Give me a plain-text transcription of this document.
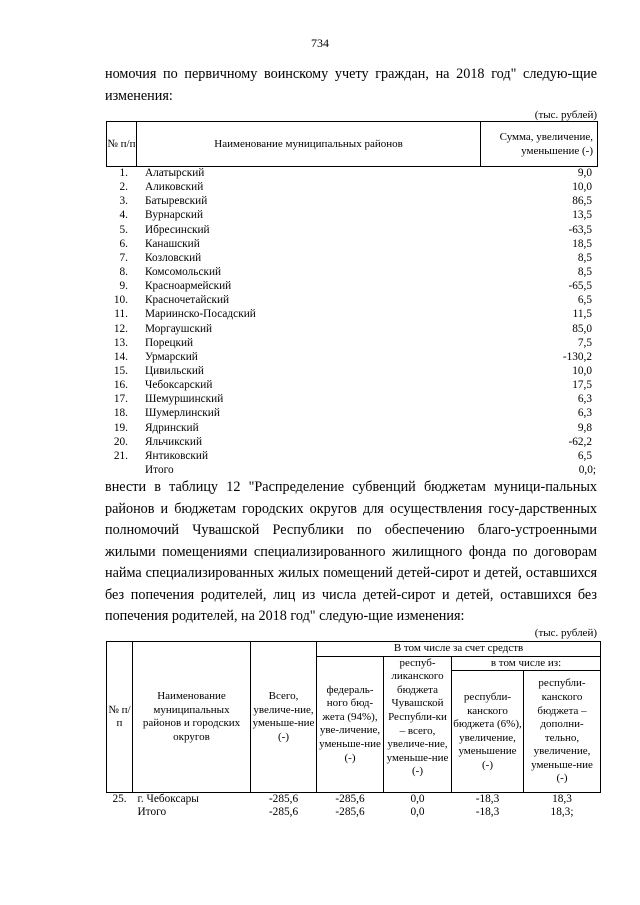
734
номочия по первичному воинскому учету граждан, на 2018 год" следую-щие изменения:
(тыс. рублей)
№ п/п	Наименование муниципальных районов	Сумма, увеличение, уменьшение (-)
1. Алатырский	9,0
2. Аликовский	10,0
3. Батыревский	86,5
4. Вурнарский	13,5
5. Ибресинский	-63,5
6. Канашский	18,5
7. Козловский	8,5
8. Комсомольский	8,5
9. Красноармейский	-65,5
10. Красночетайский	6,5
11. Мариинско-Посадский	11,5
12. Моргаушский	85,0
13. Порецкий	7,5
14. Урмарский	-130,2
15. Цивильский	10,0
16. Чебоксарский	17,5
17. Шемуршинский	6,3
18. Шумерлинский	6,3
19. Ядринский	9,8
20. Яльчикский	-62,2
21. Янтиковский	6,5
Итого	0,0;
внести в таблицу 12 "Распределение субвенций бюджетам муници-пальных районов и бюджетам городских округов для осуществления госу-дарственных полномочий Чувашской Республики по обеспечению благо-устроенными жилыми помещениями специализированного жилищного фонда по договорам найма специализированных жилых помещений детей-сирот и детей, оставшихся без попечения родителей, лиц из числа детей-сирот и детей, оставшихся без попечения родителей, на 2018 год" следую-щие изменения:
(тыс. рублей)
№ п/п	Наименование муниципальных районов и городских округов	Всего, увеличе-ние, уменьше-ние (-)	В том числе за счет средств			
			федераль-ного бюд-жета (94%), уве-личение, уменьше-ние (-)	респуб-ликанского бюджета Чувашской Республи-ки – всего, увеличе-ние, уменьше-ние (-)	в том числе из:	
					республи-канского бюджета (6%), увеличение, уменьшение (-)	республи-канского бюджета – дополни-тельно, увеличение, уменьше-ние (-)
25.	г. Чебоксары	-285,6	-285,6	0,0	-18,3	18,3
	Итого	-285,6	-285,6	0,0	-18,3	18,3;
